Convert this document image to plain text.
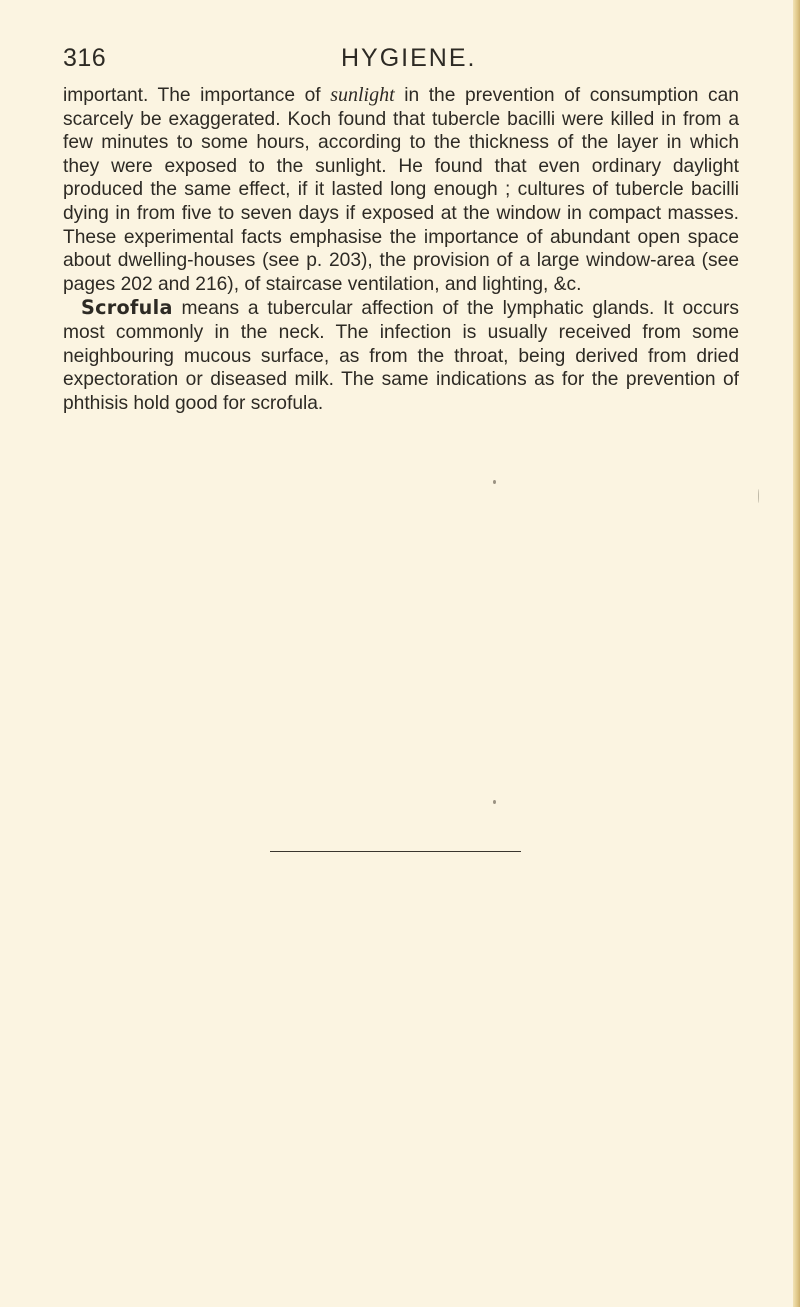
316	HYGIENE.

important. The importance of sunlight in the prevention of consumption can scarcely be exaggerated. Koch found that tubercle bacilli were killed in from a few minutes to some hours, according to the thickness of the layer in which they were exposed to the sunlight. He found that even ordinary daylight produced the same effect, if it lasted long enough ; cultures of tubercle bacilli dying in from five to seven days if exposed at the window in compact masses. These experimental facts emphasise the importance of abundant open space about dwelling-houses (see p. 203), the provision of a large window-area (see pages 202 and 216), of staircase ventilation, and lighting, &c.

Scrofula means a tubercular affection of the lymphatic glands. It occurs most commonly in the neck. The infection is usually received from some neighbouring mucous surface, as from the throat, being derived from dried expectoration or diseased milk. The same indications as for the prevention of phthisis hold good for scrofula.
